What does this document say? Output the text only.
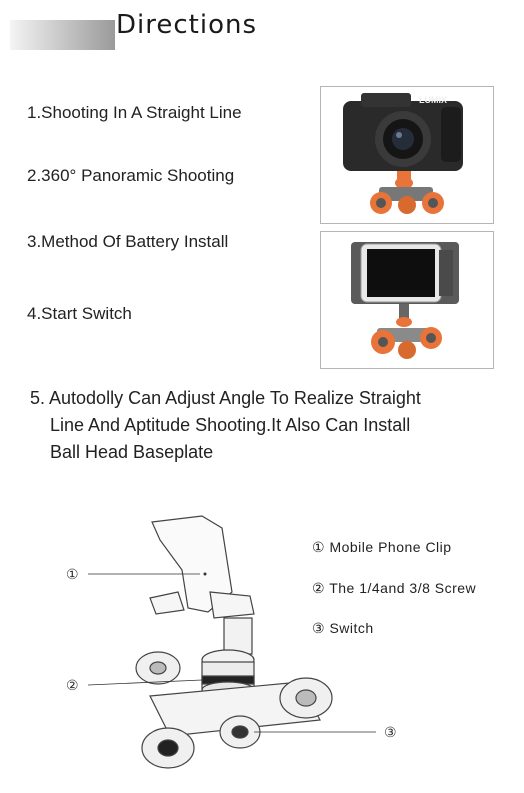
Directions
1.Shooting In A Straight Line
2.360° Panoramic Shooting
3.Method Of Battery Install
4.Start Switch
5. Autodolly Can Adjust Angle To Realize Straight
Line And Aptitude Shooting.It Also Can Install
Ball Head Baseplate
LUMIX
①
②
③
① Mobile Phone Clip
② The 1/4and 3/8 Screw
③ Switch
